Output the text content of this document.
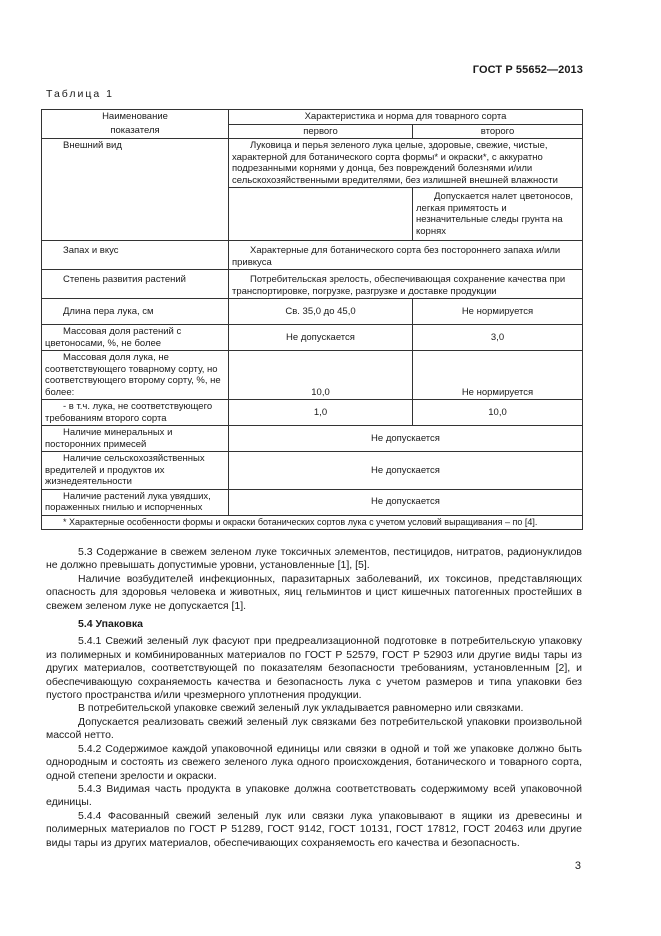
ГОСТ Р 55652—2013
Таблица 1
Наименование	Характеристика и норма для товарного сорта	
показателя	первого	второго
Внешний вид	Луковица и перья зеленого лука целые, здоровые, свежие, чистые, характерной для ботанического сорта формы* и окраски*, с аккуратно подрезанными корнями у донца, без повреждений болезнями и/или сельскохозяйственными вредителями, без излишней внешней влажности	
		Допускается налет цветоносов, легкая примятость и незначительные следы грунта на корнях
Запах и вкус	Характерные для ботанического сорта без постороннего запаха и/или привкуса	
Степень развития растений	Потребительская зрелость, обеспечивающая сохранение качества при транспортировке, погрузке, разгрузке и доставке продукции	
Длина пера лука, см	Св. 35,0 до 45,0	Не нормируется
Массовая доля растений с цветоносами, %, не более	Не допускается	3,0
Массовая доля лука, не соответствующего товарному сорту, но соответствующего второму сорту, %, не более:	10,0	Не нормируется
- в т.ч. лука, не соответствующего требованиям второго сорта	1,0	10,0
Наличие минеральных и посторонних примесей	Не допускается	
Наличие сельскохозяйственных вредителей и продуктов их жизнедеятельности	Не допускается	
Наличие растений лука увядших, пораженных гнилью и испорченных	Не допускается	
* Характерные особенности формы и окраски ботанических сортов лука с учетом условий выращивания – по [4].		

5.3 Содержание в свежем зеленом луке токсичных элементов, пестицидов, нитратов, радионуклидов не должно превышать допустимые уровни, установленные [1], [5].

Наличие возбудителей инфекционных, паразитарных заболеваний, их токсинов, представляющих опасность для здоровья человека и животных, яиц гельминтов и цист кишечных патогенных простейших в свежем зеленом луке не допускается [1].

5.4 Упаковка

5.4.1 Свежий зеленый лук фасуют при предреализационной подготовке в потребительскую упаковку из полимерных и комбинированных материалов по ГОСТ Р 52579, ГОСТ Р 52903 или другие виды тары из других материалов, соответствующей по показателям безопасности требованиям, установленным [2], и обеспечивающую сохраняемость качества и безопасность лука с учетом размеров и типа упаковки без пустого пространства и/или чрезмерного уплотнения продукции.

В потребительской упаковке свежий зеленый лук укладывается равномерно или связками.

Допускается реализовать свежий зеленый лук связками без потребительской упаковки произвольной массой нетто.

5.4.2 Содержимое каждой упаковочной единицы или связки в одной и той же упаковке должно быть однородным и состоять из свежего зеленого лука одного происхождения, ботанического и товарного сорта, одной степени зрелости и окраски.

5.4.3 Видимая часть продукта в упаковке должна соответствовать содержимому всей упаковочной единицы.

5.4.4 Фасованный свежий зеленый лук или связки лука упаковывают в ящики из древесины и полимерных материалов по ГОСТ Р 51289, ГОСТ 9142, ГОСТ 10131, ГОСТ 17812, ГОСТ 20463 или другие виды тары из других материалов, обеспечивающих сохраняемость его качества и безопасность.

3
